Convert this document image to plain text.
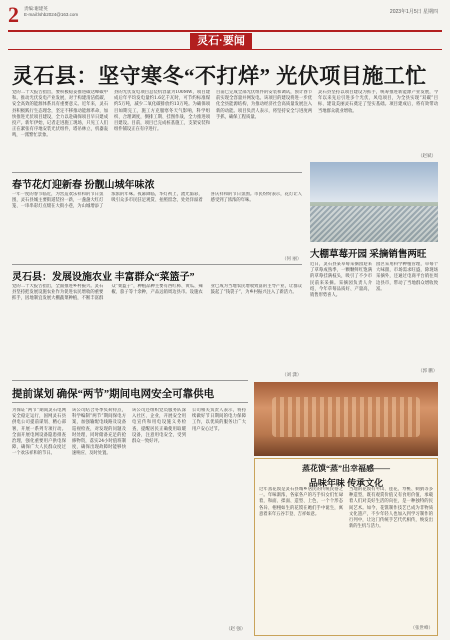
2 责编:谢建英
E-mail:lshb2024@163.com	2023年1月5日 星期四
灵石·要闻
灵石县：坚守寒冬“不打烊” 光伏项目施工忙
党的二十大报告指出，要积极稳妥推进碳达峰碳中和。推动光伏发电产业发展，对于构建清洁低碳、安全高效的能源体系具有重要意义。近年来，灵石县积极践行生态理念，坚定不移推动能源革命，加快推进光伏项目建设，全力以赴确保项目早日建成投产。新年伊始，记者走进施工现场，只见工人们正在紧张有序地安装光伏组件，塔吊林立，机器轰鸣，一派繁忙景象。
县的光伏发电项目总装机容量为100MW，项目建成后年平均发电量约1.6亿千瓦时，可节约标准煤约5万吨，减少二氧化碳排放约13万吨。为确保项目如期完工，施工方克服寒冬天气影响，科学组织、合理调度，倒排工期、挂图作战，全力推进项目建设。目前，项目已完成桩基施工，支架安装和组件铺设正在有序进行。
目前已完成全部光伏组件的安装和调试，预计春节前实现全容量并网发电。该项目的建设将进一步优化全县能源结构，为推动经济社会高质量发展注入新的动能。项目负责人表示，将坚持安全与进度两手抓，确保工程质量。
灵石县坚持以项目建设为抓手，统筹推进新能源产业发展，今年以来先后引进多个光伏、风电项目，为全县实现“双碳”目标、建设美丽灵石奠定了坚实基础。项目建成后，将有效带动当地群众就业增收。
（赵斌）
春节花灯迎新春 扮靓山城年味浓
一年一度的春节临近，为营造欢乐祥和的节日氛围，灵石县城主要街道装扮一新，一盏盏大红灯笼、一串串彩灯点缀在大街小巷，为山城增添了浓浓的年味。夜幕降临，华灯初上，流光溢彩，吸引众多市民驻足观赏、拍照留念，处处洋溢着喜庆祥和的节日氛围。市民纷纷表示，花灯让人感受到了浓浓的年味。
（何 丽） 大棚草莓开园 采摘销售两旺
近日，灵石县某草莓采摘园迎来了草莓成熟季，一颗颗鲜红饱满的草莓挂满枝头，吸引了不少市民前来采摘。采摘园负责人介绍，今年草莓品质好、产量高，销售形势喜人。
园区采用科学种植管理，草莓个大味甜，市场需求旺盛，除现场采摘外，还通过电商平台销往周边县市，带动了当地群众增收致富。
（郭 鹏）
灵石县：发展设施农业 丰富群众“菜篮子”
党的二十大报告指出，全面推进乡村振兴。灵石县坚持把发展设施农业作为促进农民增收的重要抓手，因地制宜发展大棚蔬菜种植，不断丰富群众“菜篮子”，种植品种主要有西红柿、黄瓜、辣椒、茄子等十余种，产品远销周边县市。设施农业已成为当地农民增收致富的主导产业，让群众鼓起了“钱袋子”，为乡村振兴注入了新活力。
（刘 潇）
蒸花馍“蒸”出幸福感——
品味年味 传承文化
过年蒸花馍是灵石县城乡居民的传统民俗之一。年味渐浓，各家各户的巧手妇女们忙碌着，和面、揉面、造型、上色，一个个形态各异、栩栩如生的花馍在她们手中诞生，寓意着来年五谷丰登、吉祥如意。
当地的花馍有枣山、莲花、寿桃、刺猬等多种造型，既有观赏价值又有食用价值，承载着人们对美好生活的向往，是一种独特的民间艺术。如今，花馍制作技艺已成为非物质文化遗产，不少年轻人也加入到学习制作的行列中，让这门传统手艺代代相传，焕发出新的生机与活力。
（张世峰）
提前谋划 确保“两节”期间电网安全可靠供电
为保证“两节”期间灵石电网安全稳定运行，国网灵石县供电公司提前谋划、精心部署，开展一系列专项行动。全面开展电网设备隐患排查治理，强化重要用户供电保障，确保广大人民群众度过一个欢乐祥和的节日。
该公司结合冬季负荷特点，科学编制“两节”期间保电方案，加强输配电线路及设备巡视检查，对发现的问题及时处理，同时储备充足的抢修物资，落实24小时值班制度，确保出现故障时能够快速响应、及时处置。
该公司还组织党员服务队深入社区、企业，开展安全用电宣传和用电设施义务检查，提醒居民正确使用取暖设备，注意用电安全，受到群众一致好评。
公司相关负责人表示，将持续做好节日期间的电力保障工作，以优质的服务让广大用户安心过节。
（赵 强）
